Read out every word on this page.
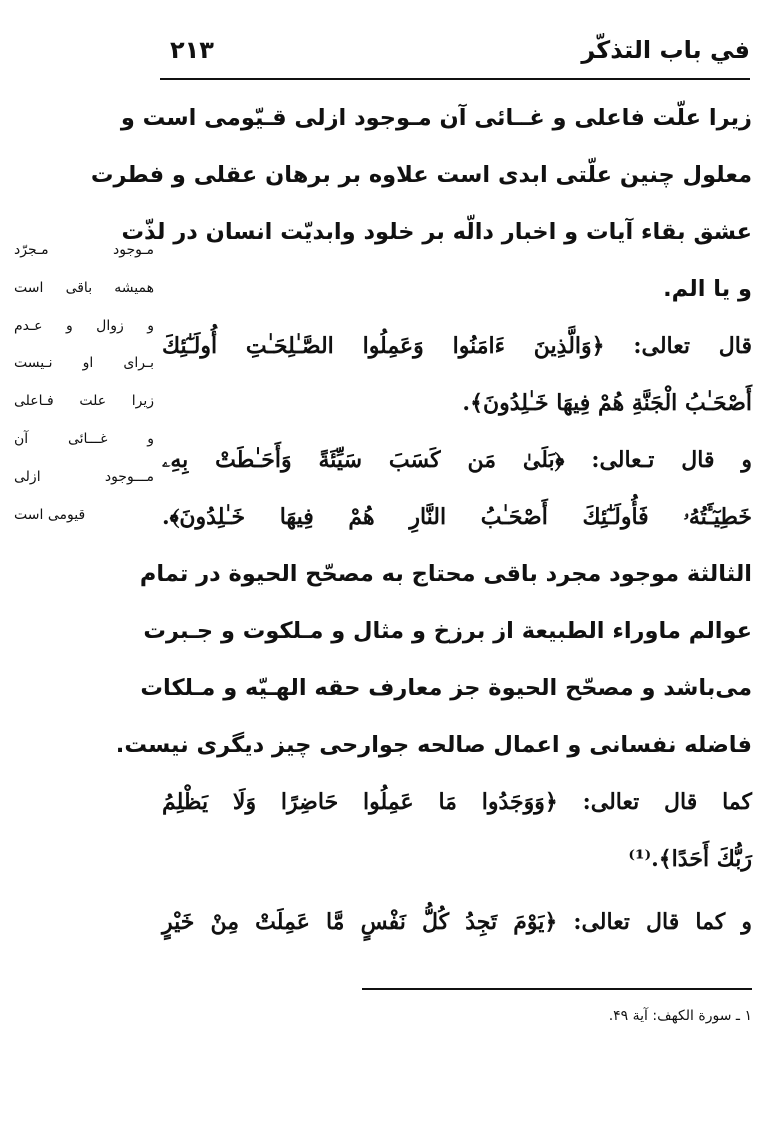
في باب التذكّر
٢١٣
زيرا علّت فاعلى و غــائى آن مـوجود ازلى قـيّومى است و
معلول چنين علّتى ابدى است علاوه بر برهان عقلى و فطرت
عشق بقاء آيات و اخبار دالّه بر خلود وابديّت انسان در لذّت
و يا الم.
قال تعالى: ﴿وَالَّذِينَ ءَامَنُوا وَعَمِلُوا الصَّـٰلِحَـٰتِ أُولَـٰٓئِكَ
أَصْحَـٰبُ الْجَنَّةِ هُمْ فِيهَا خَـٰلِدُونَ﴾.
و قال تـعالى: ﴿بَلَىٰ مَن كَسَبَ سَيِّئَةً وَأَحَـٰطَتْ بِهِۦ
خَطِيٓـَٔتُهُۥ فَأُولَـٰٓئِكَ أَصْحَـٰبُ النَّارِ هُمْ فِيهَا خَـٰلِدُونَ﴾.
الثالثة موجود مجرد باقى محتاج به مصحّح الحيوة در تمام
عوالم ماوراء الطبيعة از برزخ و مثال و مـلكوت و جـبرت
مى‌باشد و مصحّح الحيوة جز معارف حقه الهـيّه و مـلكات
فاضله نفسانى و اعمال صالحه جوارحى چيز ديگرى نيست.
كما قال تعالى: ﴿وَوَجَدُوا مَا عَمِلُوا حَاضِرًا وَلَا يَظْلِمُ
رَبُّكَ أَحَدًا﴾.⁽¹⁾
و كما قال تعالى: ﴿يَوْمَ تَجِدُ كُلُّ نَفْسٍ مَّا عَمِلَتْ مِنْ خَيْرٍ
مـوجود مـجرّد
هميشه باقى است
و زوال و عـدم
بـراى او نـيست
زيرا علت فـاعلى
و غـــائى آن
مـــوجود ازلى
قيومى است
١ ـ سورة الكهف: آية ۴۹.
